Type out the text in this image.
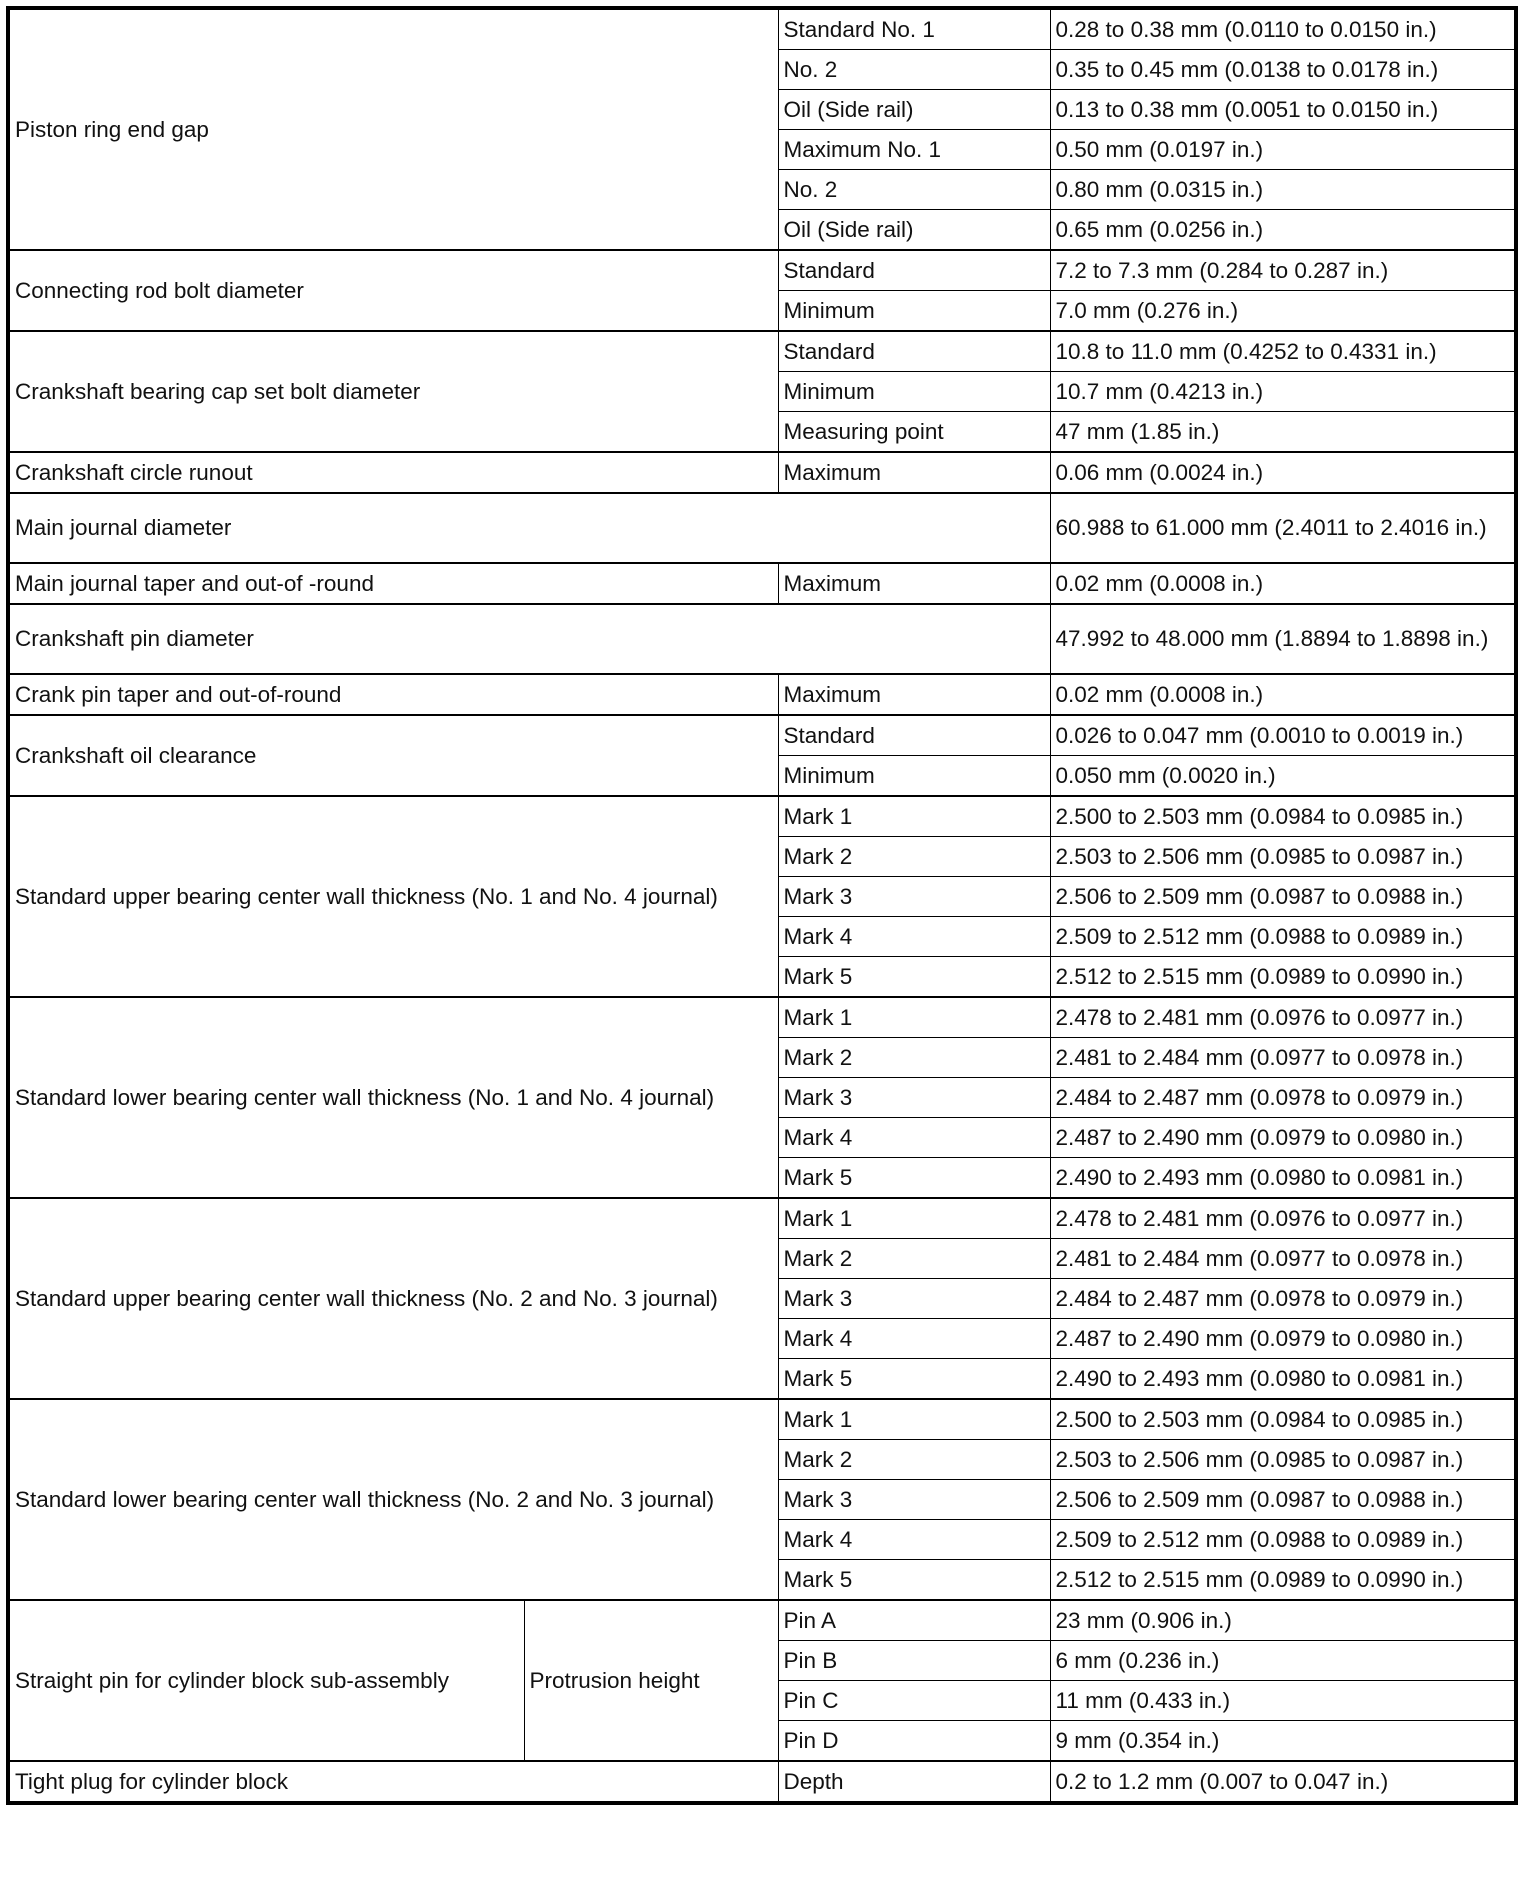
Piston ring end gap		Standard No. 1	0.28 to 0.38 mm (0.0110 to 0.0150 in.)
		No. 2	0.35 to 0.45 mm (0.0138 to 0.0178 in.)
		Oil (Side rail)	0.13 to 0.38 mm (0.0051 to 0.0150 in.)
		Maximum No. 1	0.50 mm (0.0197 in.)
		No. 2	0.80 mm (0.0315 in.)
		Oil (Side rail)	0.65 mm (0.0256 in.)
Connecting rod bolt diameter		Standard	7.2 to 7.3 mm (0.284 to 0.287 in.)
		Minimum	7.0 mm (0.276 in.)
Crankshaft bearing cap set bolt diameter		Standard	10.8 to 11.0 mm (0.4252 to 0.4331 in.)
		Minimum	10.7 mm (0.4213 in.)
		Measuring point	47 mm (1.85 in.)
Crankshaft circle runout		Maximum	0.06 mm (0.0024 in.)
Main journal diameter			60.988 to 61.000 mm (2.4011 to 2.4016 in.)
Main journal taper and out-of -round		Maximum	0.02 mm (0.0008 in.)
Crankshaft pin diameter			47.992 to 48.000 mm (1.8894 to 1.8898 in.)
Crank pin taper and out-of-round		Maximum	0.02 mm (0.0008 in.)
Crankshaft oil clearance		Standard	0.026 to 0.047 mm (0.0010 to 0.0019 in.)
		Minimum	0.050 mm (0.0020 in.)
Standard upper bearing center wall thickness (No. 1 and No. 4 journal)		Mark 1	2.500 to 2.503 mm (0.0984 to 0.0985 in.)
		Mark 2	2.503 to 2.506 mm (0.0985 to 0.0987 in.)
		Mark 3	2.506 to 2.509 mm (0.0987 to 0.0988 in.)
		Mark 4	2.509 to 2.512 mm (0.0988 to 0.0989 in.)
		Mark 5	2.512 to 2.515 mm (0.0989 to 0.0990 in.)
Standard lower bearing center wall thickness (No. 1 and No. 4 journal)		Mark 1	2.478 to 2.481 mm (0.0976 to 0.0977 in.)
		Mark 2	2.481 to 2.484 mm (0.0977 to 0.0978 in.)
		Mark 3	2.484 to 2.487 mm (0.0978 to 0.0979 in.)
		Mark 4	2.487 to 2.490 mm (0.0979 to 0.0980 in.)
		Mark 5	2.490 to 2.493 mm (0.0980 to 0.0981 in.)
Standard upper bearing center wall thickness (No. 2 and No. 3 journal)		Mark 1	2.478 to 2.481 mm (0.0976 to 0.0977 in.)
		Mark 2	2.481 to 2.484 mm (0.0977 to 0.0978 in.)
		Mark 3	2.484 to 2.487 mm (0.0978 to 0.0979 in.)
		Mark 4	2.487 to 2.490 mm (0.0979 to 0.0980 in.)
		Mark 5	2.490 to 2.493 mm (0.0980 to 0.0981 in.)
Standard lower bearing center wall thickness (No. 2 and No. 3 journal)		Mark 1	2.500 to 2.503 mm (0.0984 to 0.0985 in.)
		Mark 2	2.503 to 2.506 mm (0.0985 to 0.0987 in.)
		Mark 3	2.506 to 2.509 mm (0.0987 to 0.0988 in.)
		Mark 4	2.509 to 2.512 mm (0.0988 to 0.0989 in.)
		Mark 5	2.512 to 2.515 mm (0.0989 to 0.0990 in.)
Straight pin for cylinder block sub-assembly	Protrusion height	Pin A	23 mm (0.906 in.)
		Pin B	6 mm (0.236 in.)
		Pin C	11 mm (0.433 in.)
		Pin D	9 mm (0.354 in.)
Tight plug for cylinder block		Depth	0.2 to 1.2 mm (0.007 to 0.047 in.)
